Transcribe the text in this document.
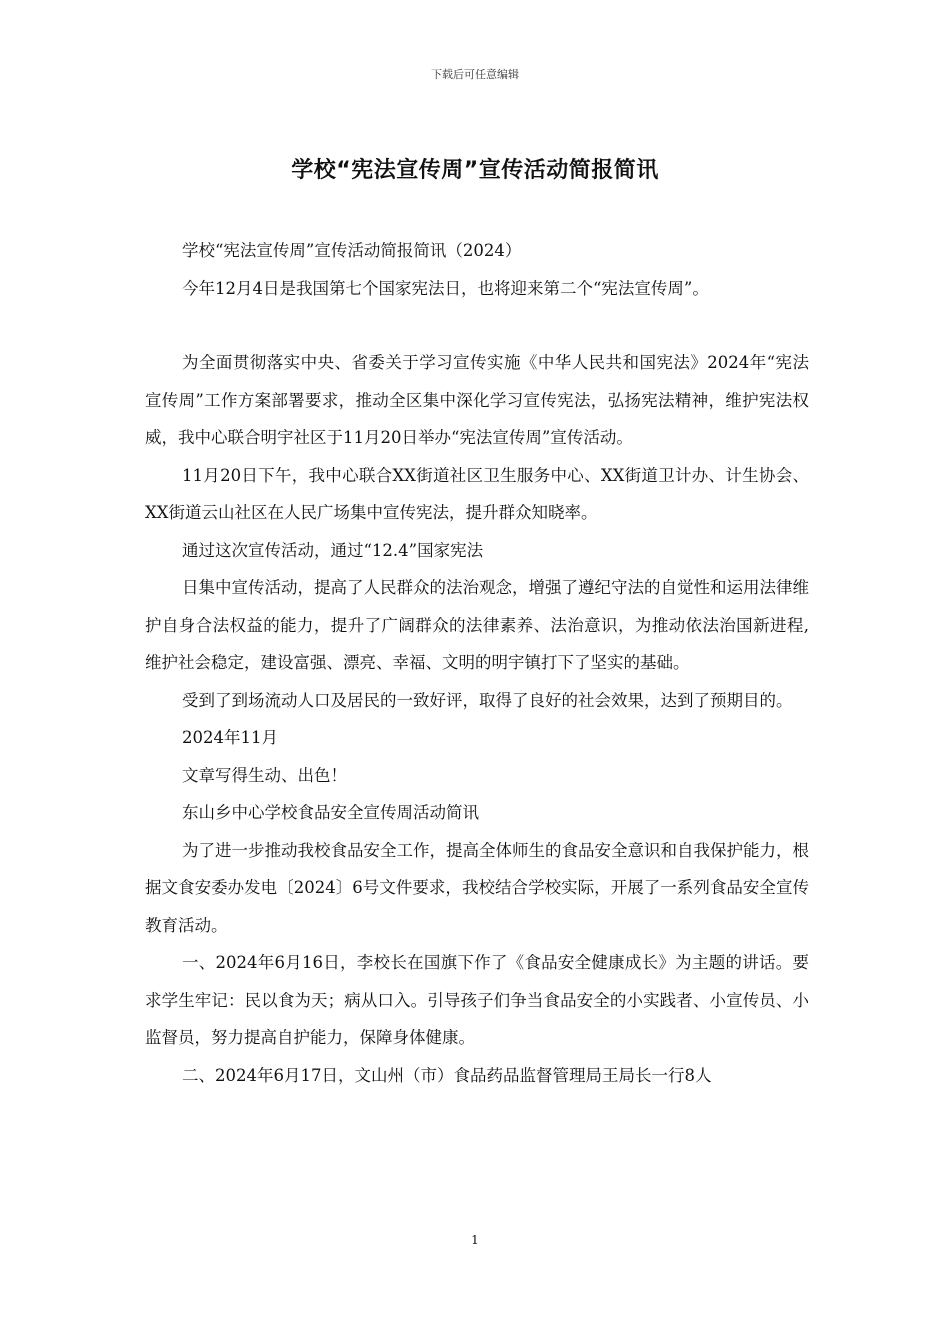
下载后可任意编辑
学校“宪法宣传周”宣传活动简报简讯

学校“宪法宣传周”宣传活动简报简讯（2024）

今年12月4日是我国第七个国家宪法日，也将迎来第二个“宪法宣传周”。

为全面贯彻落实中央、省委关于学习宣传实施《中华人民共和国宪法》2024年“宪法宣传周”工作方案部署要求，推动全区集中深化学习宣传宪法，弘扬宪法精神，维护宪法权威，我中心联合明宇社区于11月20日举办“宪法宣传周”宣传活动。

11月20日下午，我中心联合XX街道社区卫生服务中心、XX街道卫计办、计生协会、XX街道云山社区在人民广场集中宣传宪法，提升群众知晓率。

通过这次宣传活动，通过“12.4”国家宪法

日集中宣传活动，提高了人民群众的法治观念，增强了遵纪守法的自觉性和运用法律维护自身合法权益的能力，提升了广阔群众的法律素养、法治意识，为推动依法治国新进程,维护社会稳定，建设富强、漂亮、幸福、文明的明宇镇打下了坚实的基础。

受到了到场流动人口及居民的一致好评，取得了良好的社会效果，达到了预期目的。

2024年11月

文章写得生动、出色！

东山乡中心学校食品安全宣传周活动简讯

为了进一步推动我校食品安全工作，提高全体师生的食品安全意识和自我保护能力，根据文食安委办发电〔2024〕6号文件要求，我校结合学校实际，开展了一系列食品安全宣传教育活动。

一、2024年6月16日，李校长在国旗下作了《食品安全健康成长》为主题的讲话。要求学生牢记：民以食为天；病从口入。引导孩子们争当食品安全的小实践者、小宣传员、小监督员，努力提高自护能力，保障身体健康。

二、2024年6月17日，文山州（市）食品药品监督管理局王局长一行8人

1
